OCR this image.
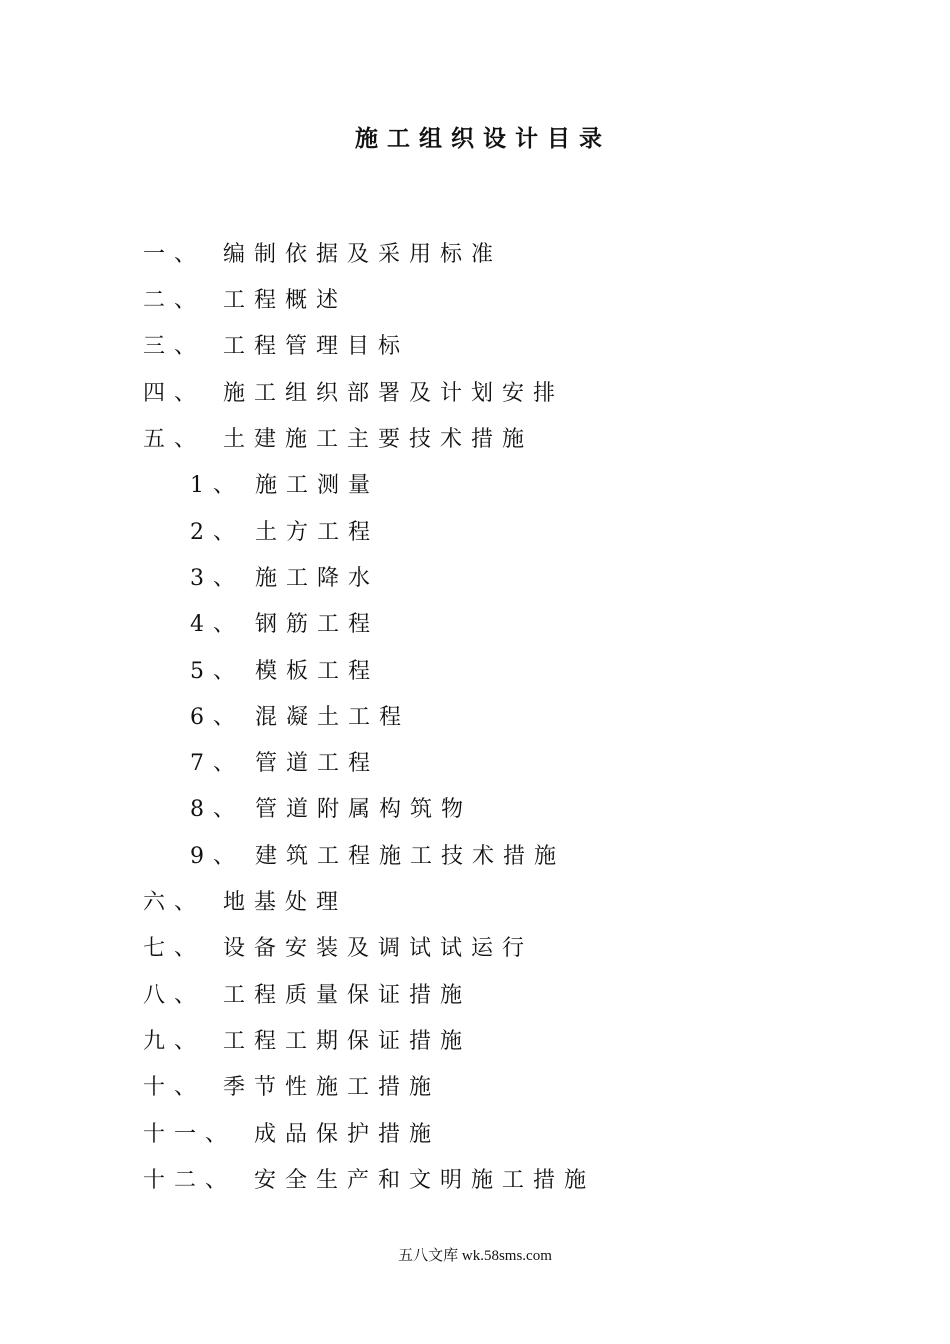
施工组织设计目录
一、 编制依据及采用标准
二、 工程概述
三、 工程管理目标
四、 施工组织部署及计划安排
五、 土建施工主要技术措施
1、 施工测量
2、 土方工程
3、 施工降水
4、 钢筋工程
5、 模板工程
6、 混凝土工程
7、 管道工程
8、 管道附属构筑物
9、 建筑工程施工技术措施
六、 地基处理
七、 设备安装及调试试运行
八、 工程质量保证措施
九、 工程工期保证措施
十、 季节性施工措施
十一、 成品保护措施
十二、 安全生产和文明施工措施
五八文库 wk.58sms.com
